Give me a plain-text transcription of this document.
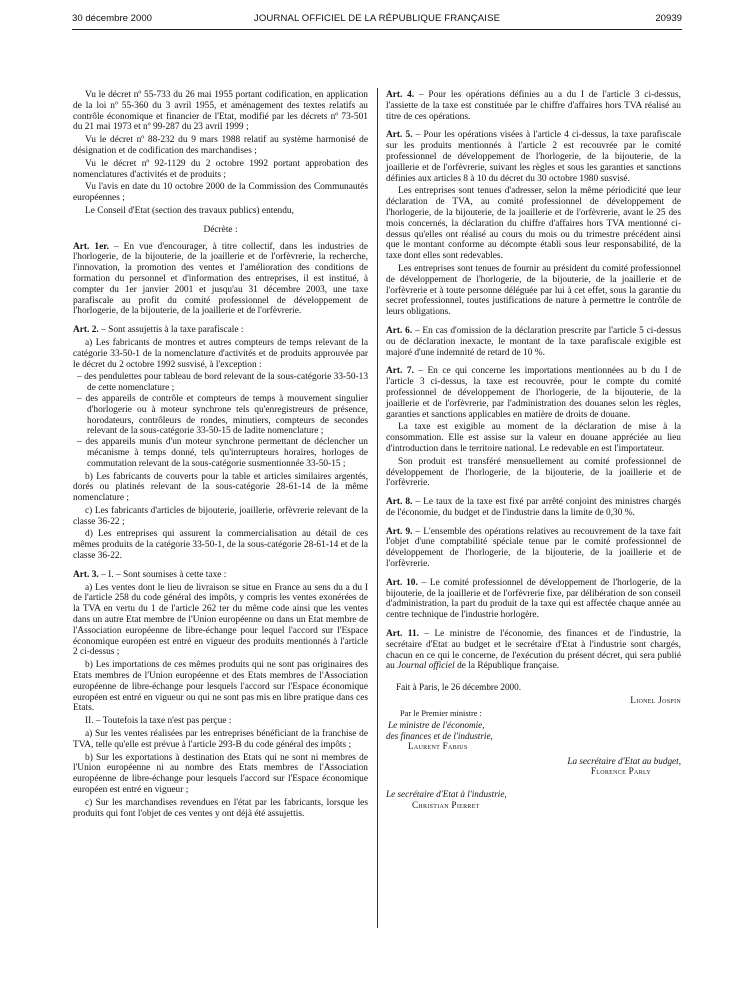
30 décembre 2000	JOURNAL OFFICIEL DE LA RÉPUBLIQUE FRANÇAISE	20939

Vu le décret nº 55-733 du 26 mai 1955 portant codification, en application de la loi nº 55-360 du 3 avril 1955, et aménagement des textes relatifs au contrôle économique et financier de l'Etat, modifié par les décrets nº 73-501 du 21 mai 1973 et nº 99-287 du 23 avril 1999 ;

Vu le décret nº 88-232 du 9 mars 1988 relatif au système harmonisé de désignation et de codification des marchandises ;

Vu le décret nº 92-1129 du 2 octobre 1992 portant approbation des nomenclatures d'activités et de produits ;

Vu l'avis en date du 10 octobre 2000 de la Commission des Communautés européennes ;

Le Conseil d'Etat (section des travaux publics) entendu,

Décrète :

Art. 1er. – En vue d'encourager, à titre collectif, dans les industries de l'horlogerie, de la bijouterie, de la joaillerie et de l'orfèvrerie, la recherche, l'innovation, la promotion des ventes et l'amélioration des conditions de formation du personnel et d'information des entreprises, il est institué, à compter du 1er janvier 2001 et jusqu'au 31 décembre 2003, une taxe parafiscale au profit du comité professionnel de développement de l'horlogerie, de la bijouterie, de la joaillerie et de l'orfèvrerie.

Art. 2. – Sont assujettis à la taxe parafiscale :

a) Les fabricants de montres et autres compteurs de temps relevant de la catégorie 33-50-1 de la nomenclature d'activités et de produits approuvée par le décret du 2 octobre 1992 susvisé, à l'exception :

– des pendulettes pour tableau de bord relevant de la sous-catégorie 33-50-13 de cette nomenclature ;
– des appareils de contrôle et compteurs de temps à mouvement singulier d'horlogerie ou à moteur synchrone tels qu'enregistreurs de présence, horodateurs, contrôleurs de rondes, minutiers, compteurs de secondes relevant de la sous-catégorie 33-50-15 de ladite nomenclature ;
– des appareils munis d'un moteur synchrone permettant de déclencher un mécanisme à temps donné, tels qu'interrupteurs horaires, horloges de commutation relevant de la sous-catégorie susmentionnée 33-50-15 ;

b) Les fabricants de couverts pour la table et articles similaires argentés, dorés ou platinés relevant de la sous-catégorie 28-61-14 de la même nomenclature ;

c) Les fabricants d'articles de bijouterie, joaillerie, orfèvrerie relevant de la classe 36-22 ;

d) Les entreprises qui assurent la commercialisation au détail de ces mêmes produits de la catégorie 33-50-1, de la sous-catégorie 28-61-14 et de la classe 36-22.

Art. 3. – I. – Sont soumises à cette taxe :

a) Les ventes dont le lieu de livraison se situe en France au sens du a du I de l'article 258 du code général des impôts, y compris les ventes exonérées de la TVA en vertu du 1 de l'article 262 ter du même code ainsi que les ventes dans un autre Etat membre de l'Union européenne ou dans un Etat membre de l'Association européenne de libre-échange pour lequel l'accord sur l'Espace économique européen est entré en vigueur des produits mentionnés à l'article 2 ci-dessus ;

b) Les importations de ces mêmes produits qui ne sont pas originaires des Etats membres de l'Union européenne et des Etats membres de l'Association européenne de libre-échange pour lesquels l'accord sur l'Espace économique européen est entré en vigueur ou qui ne sont pas mis en libre pratique dans ces Etats.

II. – Toutefois la taxe n'est pas perçue :

a) Sur les ventes réalisées par les entreprises bénéficiant de la franchise de TVA, telle qu'elle est prévue à l'article 293-B du code général des impôts ;

b) Sur les exportations à destination des Etats qui ne sont ni membres de l'Union européenne ni au nombre des Etats membres de l'Association européenne de libre-échange pour lesquels l'accord sur l'Espace économique européen est entré en vigueur ;

c) Sur les marchandises revendues en l'état par les fabricants, lorsque les produits qui font l'objet de ces ventes y ont déjà été assujettis.

Art. 4. – Pour les opérations définies au a du I de l'article 3 ci-dessus, l'assiette de la taxe est constituée par le chiffre d'affaires hors TVA réalisé au titre de ces opérations.

Art. 5. – Pour les opérations visées à l'article 4 ci-dessus, la taxe parafiscale sur les produits mentionnés à l'article 2 est recouvrée par le comité professionnel de développement de l'horlogerie, de la bijouterie, de la joaillerie et de l'orfèvrerie, suivant les règles et sous les garanties et sanctions définies aux articles 8 à 10 du décret du 30 octobre 1980 susvisé.

Les entreprises sont tenues d'adresser, selon la même périodicité que leur déclaration de TVA, au comité professionnel de développement de l'horlogerie, de la bijouterie, de la joaillerie et de l'orfèvrerie, avant le 25 des mois concernés, la déclaration du chiffre d'affaires hors TVA mentionné ci-dessus qu'elles ont réalisé au cours du mois ou du trimestre précédent ainsi que le montant conforme au décompte établi sous leur responsabilité, de la taxe dont elles sont redevables.

Les entreprises sont tenues de fournir au président du comité professionnel de développement de l'horlogerie, de la bijouterie, de la joaillerie et de l'orfèvrerie et à toute personne déléguée par lui à cet effet, sous la garantie du secret professionnel, toutes justifications de nature à permettre le contrôle de leurs obligations.

Art. 6. – En cas d'omission de la déclaration prescrite par l'article 5 ci-dessus ou de déclaration inexacte, le montant de la taxe parafiscale exigible est majoré d'une indemnité de retard de 10 %.

Art. 7. – En ce qui concerne les importations mentionnées au b du I de l'article 3 ci-dessus, la taxe est recouvrée, pour le compte du comité professionnel de développement de l'horlogerie, de la bijouterie, de la joaillerie et de l'orfèvrerie, par l'administration des douanes selon les règles, garanties et sanctions applicables en matière de droits de douane.

La taxe est exigible au moment de la déclaration de mise à la consommation. Elle est assise sur la valeur en douane appréciée au lieu d'introduction dans le territoire national. Le redevable en est l'importateur.

Son produit est transféré mensuellement au comité professionnel de développement de l'horlogerie, de la bijouterie, de la joaillerie et de l'orfèvrerie.

Art. 8. – Le taux de la taxe est fixé par arrêté conjoint des ministres chargés de l'économie, du budget et de l'industrie dans la limite de 0,30 %.

Art. 9. – L'ensemble des opérations relatives au recouvrement de la taxe fait l'objet d'une comptabilité spéciale tenue par le comité professionnel de développement de l'horlogerie, de la bijouterie, de la joaillerie et de l'orfèvrerie.

Art. 10. – Le comité professionnel de développement de l'horlogerie, de la bijouterie, de la joaillerie et de l'orfèvrerie fixe, par délibération de son conseil d'administration, la part du produit de la taxe qui est affectée chaque année au centre technique de l'industrie horlogère.

Art. 11. – Le ministre de l'économie, des finances et de l'industrie, la secrétaire d'Etat au budget et le secrétaire d'Etat à l'industrie sont chargés, chacun en ce qui le concerne, de l'exécution du présent décret, qui sera publié au Journal officiel de la République française.

Fait à Paris, le 26 décembre 2000.

Lionel Jospin

Par le Premier ministre :

Le ministre de l'économie,

des finances et de l'industrie,

Laurent Fabius

La secrétaire d'Etat au budget,

Florence Parly

Le secrétaire d'Etat à l'industrie,

Christian Pierret
